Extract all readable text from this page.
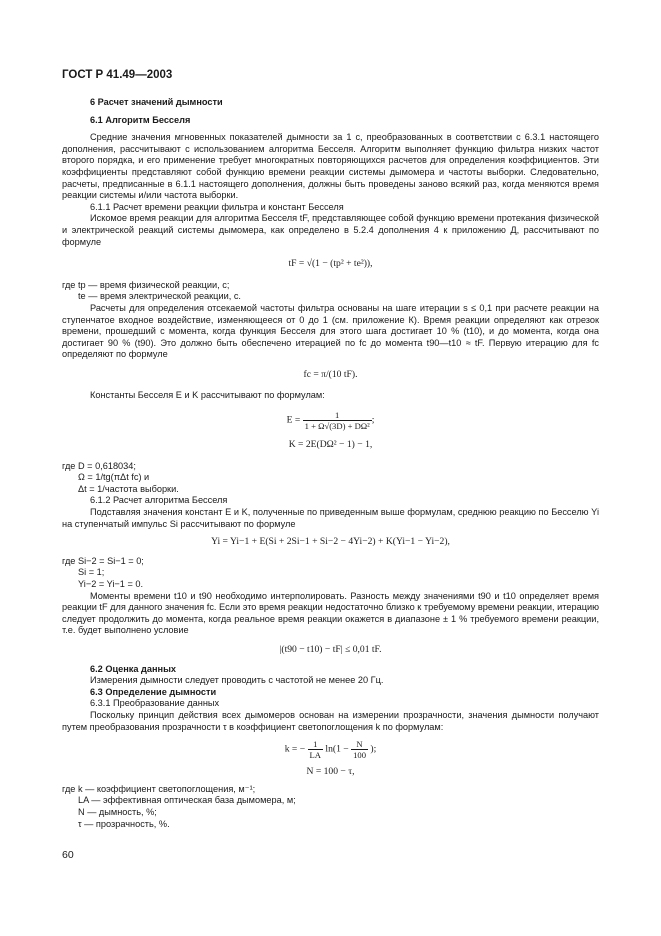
ГОСТ Р 41.49—2003

6 Расчет значений дымности

6.1 Алгоритм Бесселя

Средние значения мгновенных показателей дымности за 1 с, преобразованных в соответствии с 6.3.1 настоящего дополнения, рассчитывают с использованием алгоритма Бесселя. Алгоритм выполняет функцию фильтра низких частот второго порядка, и его применение требует многократных повторяющихся расчетов для определения коэффициентов. Эти коэффициенты представляют собой функцию времени реакции системы дымомера и частоты выборки. Следовательно, расчеты, предписанные в 6.1.1 настоящего дополнения, должны быть проведены заново всякий раз, когда меняются время реакции системы и/или частота выборки.

6.1.1 Расчет времени реакции фильтра и констант Бесселя

Искомое время реакции для алгоритма Бесселя tF, представляющее собой функцию времени протекания физической и электрической реакций системы дымомера, как определено в 5.2.4 дополнения 4 к приложению Д, рассчитывают по формуле

tF = √(1 − (tp² + te²)),

где tp — время физической реакции, с;

te — время электрической реакции, с.

Расчеты для определения отсекаемой частоты фильтра основаны на шаге итерации s ≤ 0,1 при расчете реакции на ступенчатое входное воздействие, изменяющееся от 0 до 1 (см. приложение К). Время реакции определяют как отрезок времени, прошедший с момента, когда функция Бесселя для этого шага достигает 10 % (t10), и до момента, когда она достигает 90 % (t90). Это должно быть обеспечено итерацией по fc до момента t90—t10 ≈ tF. Первую итерацию для fc определяют по формуле

fc = π/(10 tF).

Константы Бесселя E и K рассчитывают по формулам:

$E = \frac{1}{\text{1 + Ω√(3D) + DΩ²}}$ ;

K = 2E(DΩ² − 1) − 1,

где D = 0,618034;

Ω = 1/tg(πΔt fc) и

Δt = 1/частота выборки.

6.1.2 Расчет алгоритма Бесселя

Подставляя значения констант E и K, полученные по приведенным выше формулам, среднюю реакцию по Бесселю Yi на ступенчатый импульс Si рассчитывают по формуле

Yi = Yi−1 + E(Si + 2Si−1 + Si−2 − 4Yi−2) + K(Yi−1 − Yi−2),

где Si−2 = Si−1 = 0;

Si = 1;

Yi−2 = Yi−1 = 0.

Моменты времени t10 и t90 необходимо интерполировать. Разность между значениями t90 и t10 определяет время реакции tF для данного значения fc. Если это время реакции недостаточно близко к требуемому времени реакции, итерацию следует продолжить до момента, когда реальное время реакции окажется в диапазоне ± 1 % требуемого времени реакции, т.е. будет выполнено условие

|(t90 − t10) − tF| ≤ 0,01 tF.

6.2 Оценка данных

Измерения дымности следует проводить с частотой не менее 20 Гц.

6.3 Определение дымности

6.3.1 Преобразование данных

Поскольку принцип действия всех дымомеров основан на измерении прозрачности, значения дымности получают путем преобразования прозрачности τ в коэффициент светопоглощения k по формулам:

k = − $\frac{1}{LA} \ln(1 - \frac{N}{100}$ );

N = 100 − τ,

где k — коэффициент светопоглощения, м⁻¹;

LA — эффективная оптическая база дымомера, м;

N — дымность, %;

τ — прозрачность, %.

60
